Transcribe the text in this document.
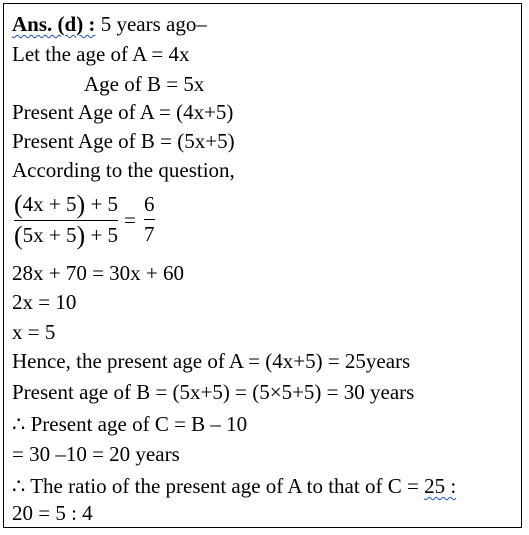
Ans. (d) : 5 years ago–
Let the age of A = 4x
Age of B = 5x
Present Age of A = (4x+5)
Present Age of B = (5x+5)
According to the question,
$\frac{(4x + 5) + 5}{(5x + 5) + 5} = \frac{6}{7}$
28x + 70 = 30x + 60
2x = 10
x = 5
Hence, the present age of A = (4x+5) = 25years
Present age of B = (5x+5) = (5×5+5) = 30 years
∴ Present age of C = B – 10
= 30 –10 = 20 years
∴ The ratio of the present age of A to that of C = 25 :
20 = 5 : 4
